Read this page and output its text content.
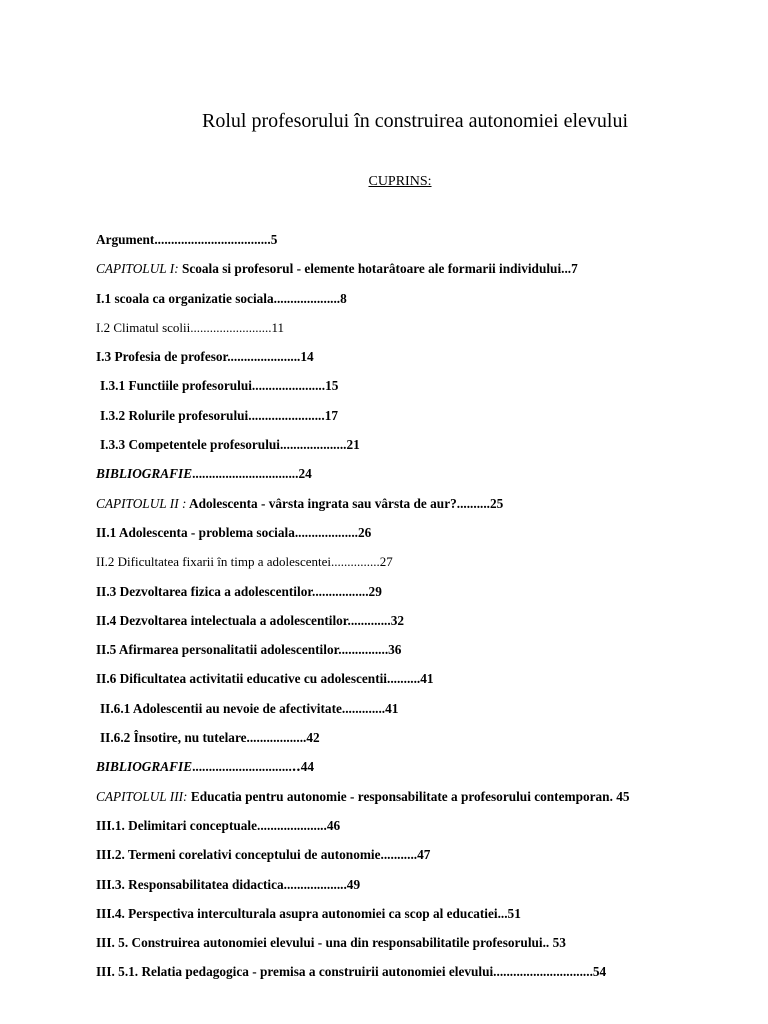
Rolul profesorului în construirea autonomiei elevului
CUPRINS:
Argument...................................5
CAPITOLUL I: Scoala si profesorul - elemente hotarâtoare ale formarii individului...7
I.1 scoala ca organizatie sociala....................8
I.2 Climatul scolii.........................11
I.3 Profesia de profesor......................14
I.3.1 Functiile profesorului......................15
I.3.2 Rolurile profesorului.......................17
I.3.3 Competentele profesorului....................21
BIBLIOGRAFIE................................24
CAPITOLUL II : Adolescenta - vârsta ingrata sau vârsta de aur?..........25
II.1 Adolescenta - problema sociala...................26
II.2 Dificultatea fixarii în timp a adolescentei...............27
II.3 Dezvoltarea fizica a adolescentilor.................29
II.4 Dezvoltarea intelectuala a adolescentilor.............32
II.5 Afirmarea personalitatii adolescentilor...............36
II.6 Dificultatea activitatii educative cu adolescentii..........41
II.6.1 Adolescentii au nevoie de afectivitate.............41
II.6.2 Însotire, nu tutelare..................42
BIBLIOGRAFIE..............................‥44
CAPITOLUL III: Educatia pentru autonomie - responsabilitate a profesorului contemporan. 45
III.1. Delimitari conceptuale.....................46
III.2. Termeni corelativi conceptului de autonomie...........47
III.3. Responsabilitatea didactica...................49
III.4. Perspectiva interculturala asupra autonomiei ca scop al educatiei...51
III. 5. Construirea autonomiei elevului - una din responsabilitatile profesorului.. 53
III. 5.1. Relatia pedagogica - premisa a construirii autonomiei elevului..............................54
